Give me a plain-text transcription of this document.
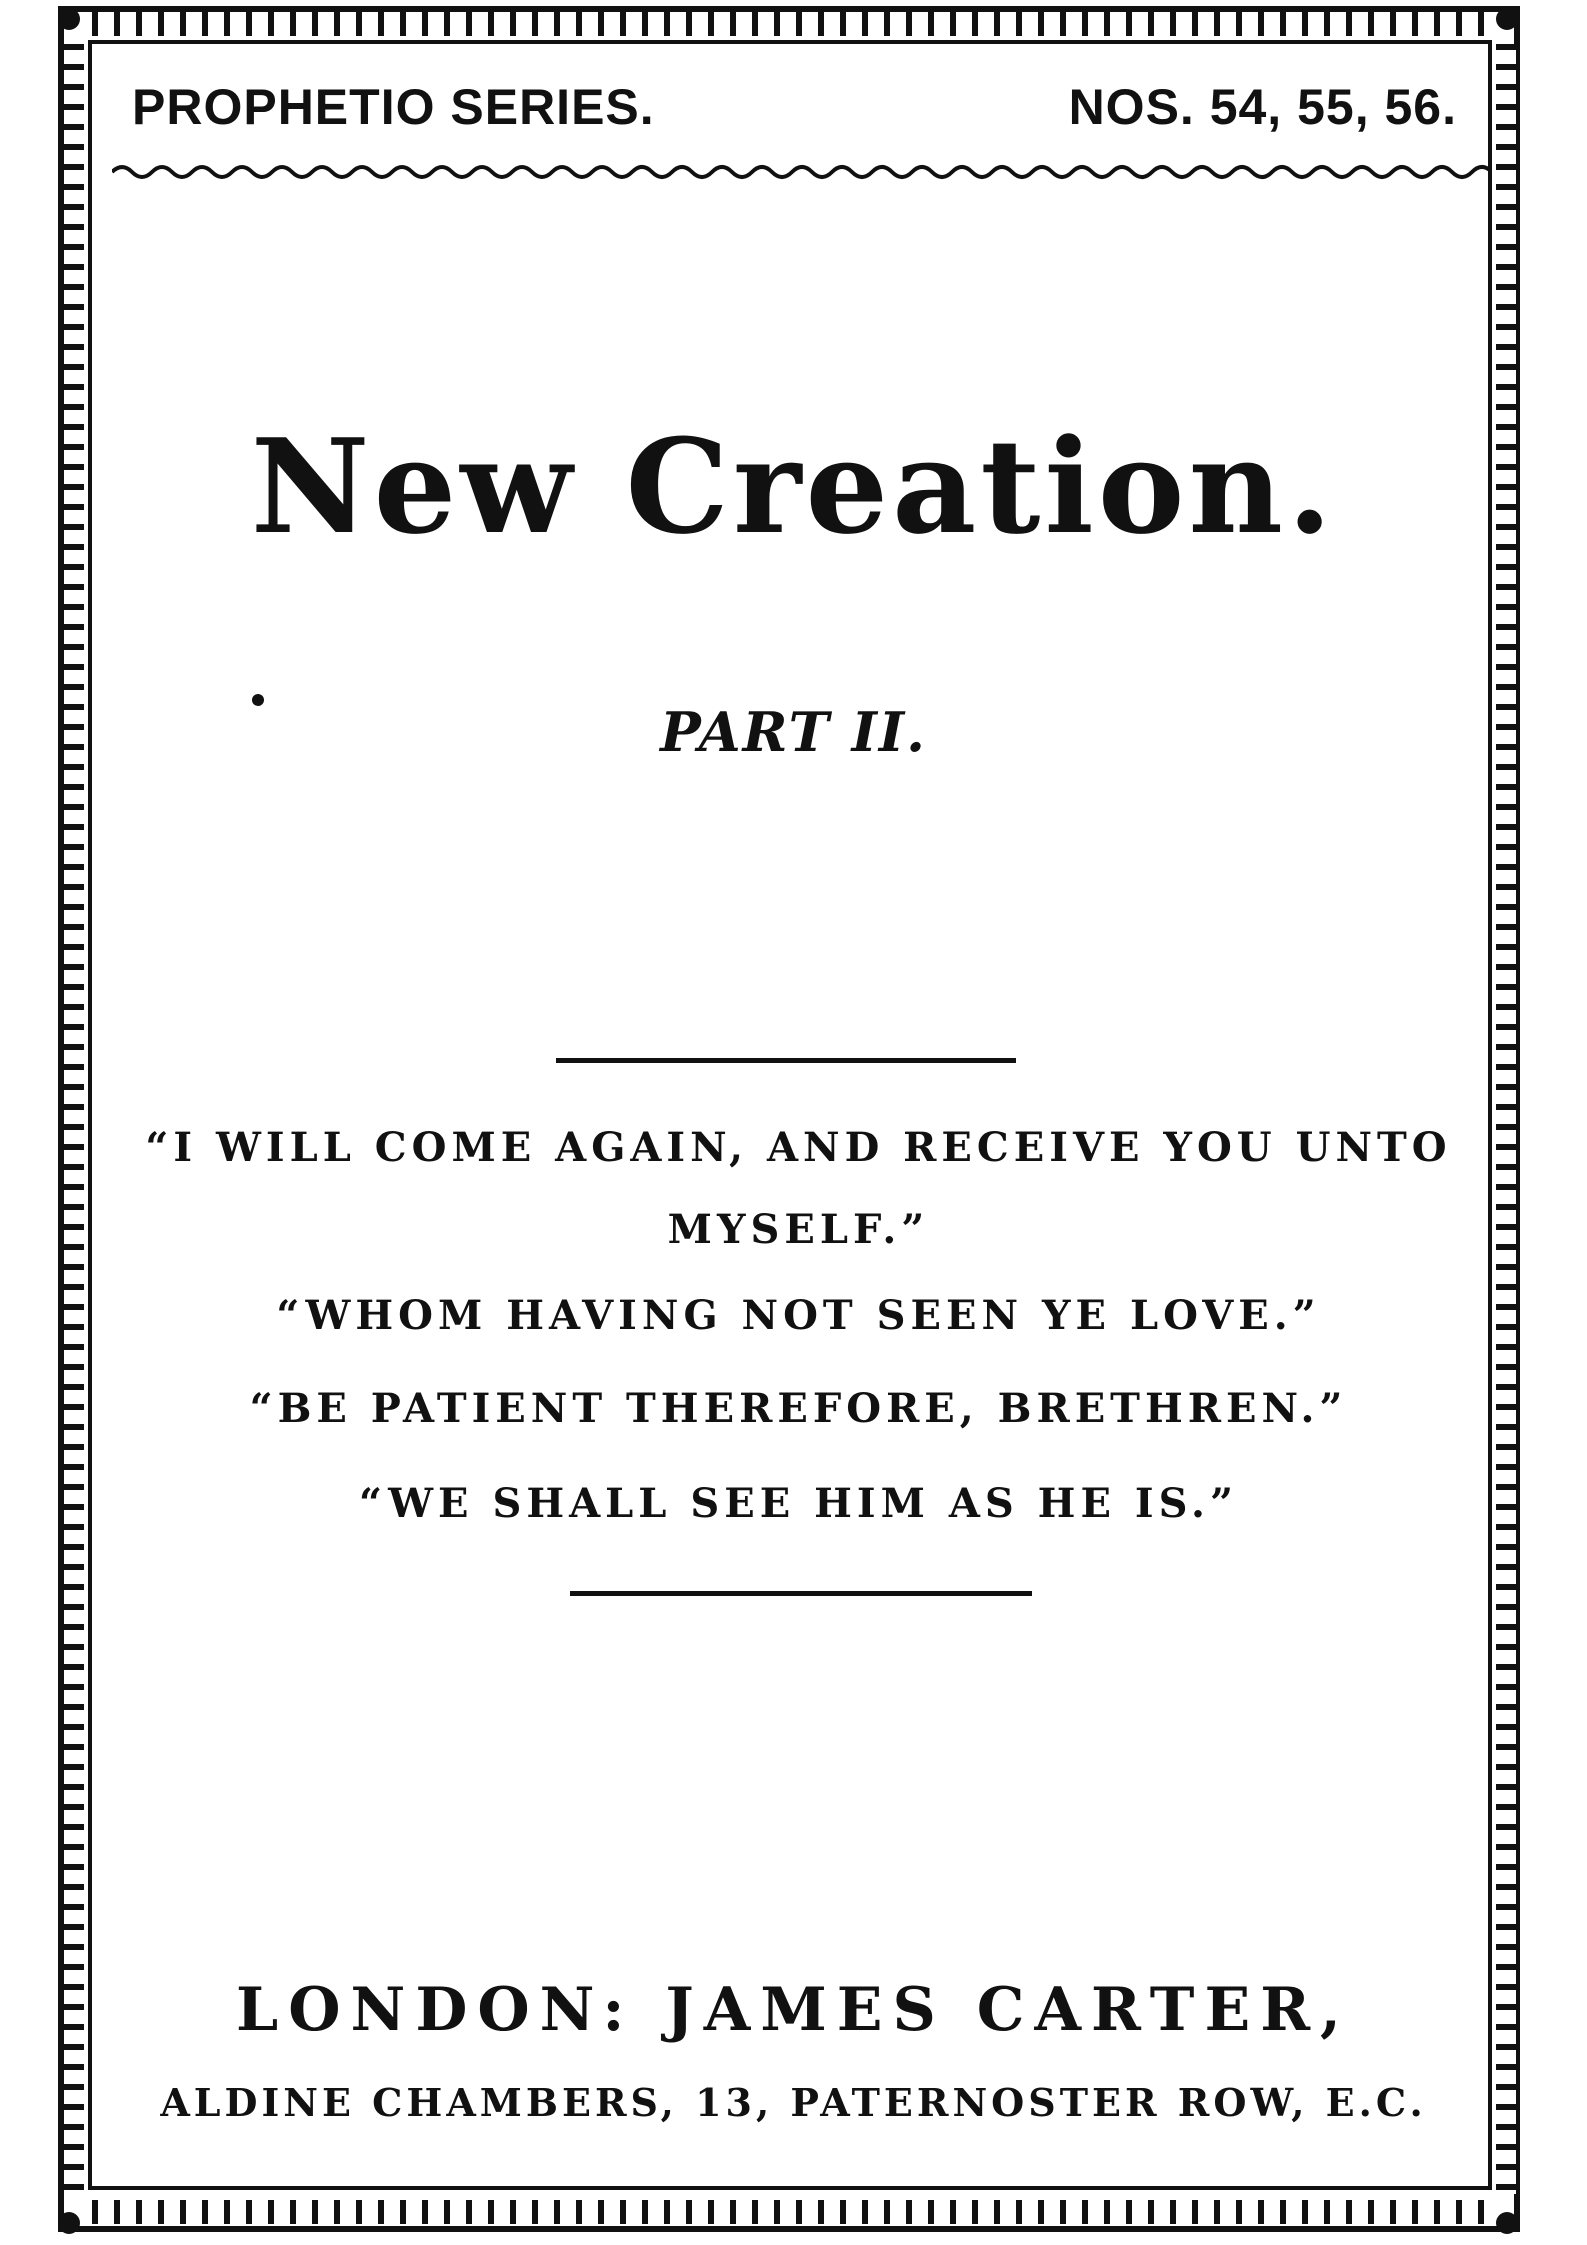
PROPHETIO SERIES.	NOS. 54, 55, 56.
New Creation.
PART II.
“I WILL COME AGAIN, AND RECEIVE YOU UNTO
MYSELF.”
“WHOM HAVING NOT SEEN YE LOVE.”
“BE PATIENT THEREFORE, BRETHREN.”
“WE SHALL SEE HIM AS HE IS.”
LONDON: JAMES CARTER,
ALDINE CHAMBERS, 13, PATERNOSTER ROW, E.C.
